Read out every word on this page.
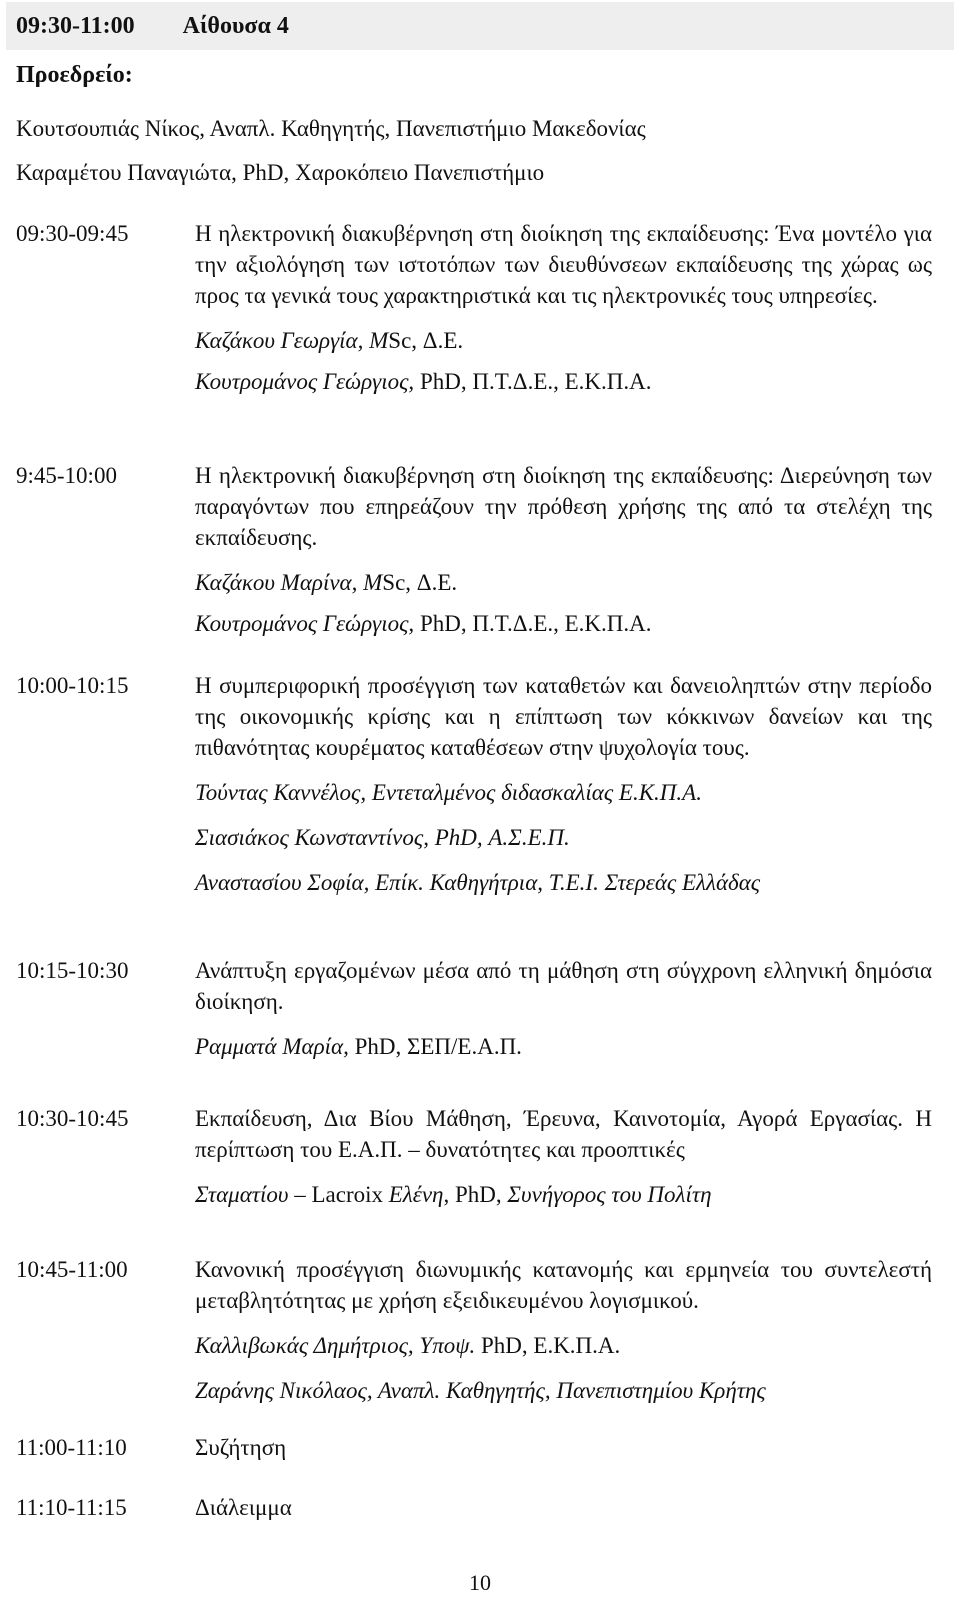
09:30-11:00 Αίθουσα 4
Προεδρείο:
Κουτσουπιάς Νίκος, Αναπλ. Καθηγητής, Πανεπιστήμιο Μακεδονίας
Καραμέτου Παναγιώτα, PhD, Χαροκόπειο Πανεπιστήμιο
09:30-09:45	Η ηλεκτρονική διακυβέρνηση στη διοίκηση της εκπαίδευσης: Ένα μοντέλο για την αξιολόγηση των ιστοτόπων των διευθύνσεων εκπαίδευσης της χώρας ως προς τα γενικά τους χαρακτηριστικά και τις ηλεκτρονικές τους υπηρεσίες.
Καζάκου Γεωργία, MSc, Δ.Ε.
Κουτρομάνος Γεώργιος, PhD, Π.Τ.Δ.Ε., Ε.Κ.Π.Α.
9:45-10:00	Η ηλεκτρονική διακυβέρνηση στη διοίκηση της εκπαίδευσης: Διερεύνηση των παραγόντων που επηρεάζουν την πρόθεση χρήσης της από τα στελέχη της εκπαίδευσης.
Καζάκου Μαρίνα, MSc, Δ.Ε.
Κουτρομάνος Γεώργιος, PhD, Π.Τ.Δ.Ε., Ε.Κ.Π.Α.
10:00-10:15	Η συμπεριφορική προσέγγιση των καταθετών και δανειοληπτών στην περίοδο της οικονομικής κρίσης και η επίπτωση των κόκκινων δανείων και της πιθανότητας κουρέματος καταθέσεων στην ψυχολογία τους.
Τούντας Καννέλος, Εντεταλμένος διδασκαλίας Ε.Κ.Π.Α.
Σιασιάκος Κωνσταντίνος, PhD, Α.Σ.Ε.Π.
Αναστασίου Σοφία, Επίκ. Καθηγήτρια, Τ.Ε.Ι. Στερεάς Ελλάδας
10:15-10:30	Ανάπτυξη εργαζομένων μέσα από τη μάθηση στη σύγχρονη ελληνική δημόσια διοίκηση.
Ραμματά Μαρία, PhD, ΣΕΠ/Ε.Α.Π.
10:30-10:45	Εκπαίδευση, Δια Βίου Μάθηση, Έρευνα, Καινοτομία, Αγορά Εργασίας. Η περίπτωση του Ε.Α.Π. – δυνατότητες και προοπτικές
Σταματίου – Lacroix Ελένη, PhD, Συνήγορος του Πολίτη
10:45-11:00	Κανονική προσέγγιση διωνυμικής κατανομής και ερμηνεία του συντελεστή μεταβλητότητας με χρήση εξειδικευμένου λογισμικού.
Καλλιβωκάς Δημήτριος, Υποψ. PhD, Ε.Κ.Π.Α.
Ζαράνης Νικόλαος, Αναπλ. Καθηγητής, Πανεπιστημίου Κρήτης
11:00-11:10	Συζήτηση
11:10-11:15	Διάλειμμα
10
